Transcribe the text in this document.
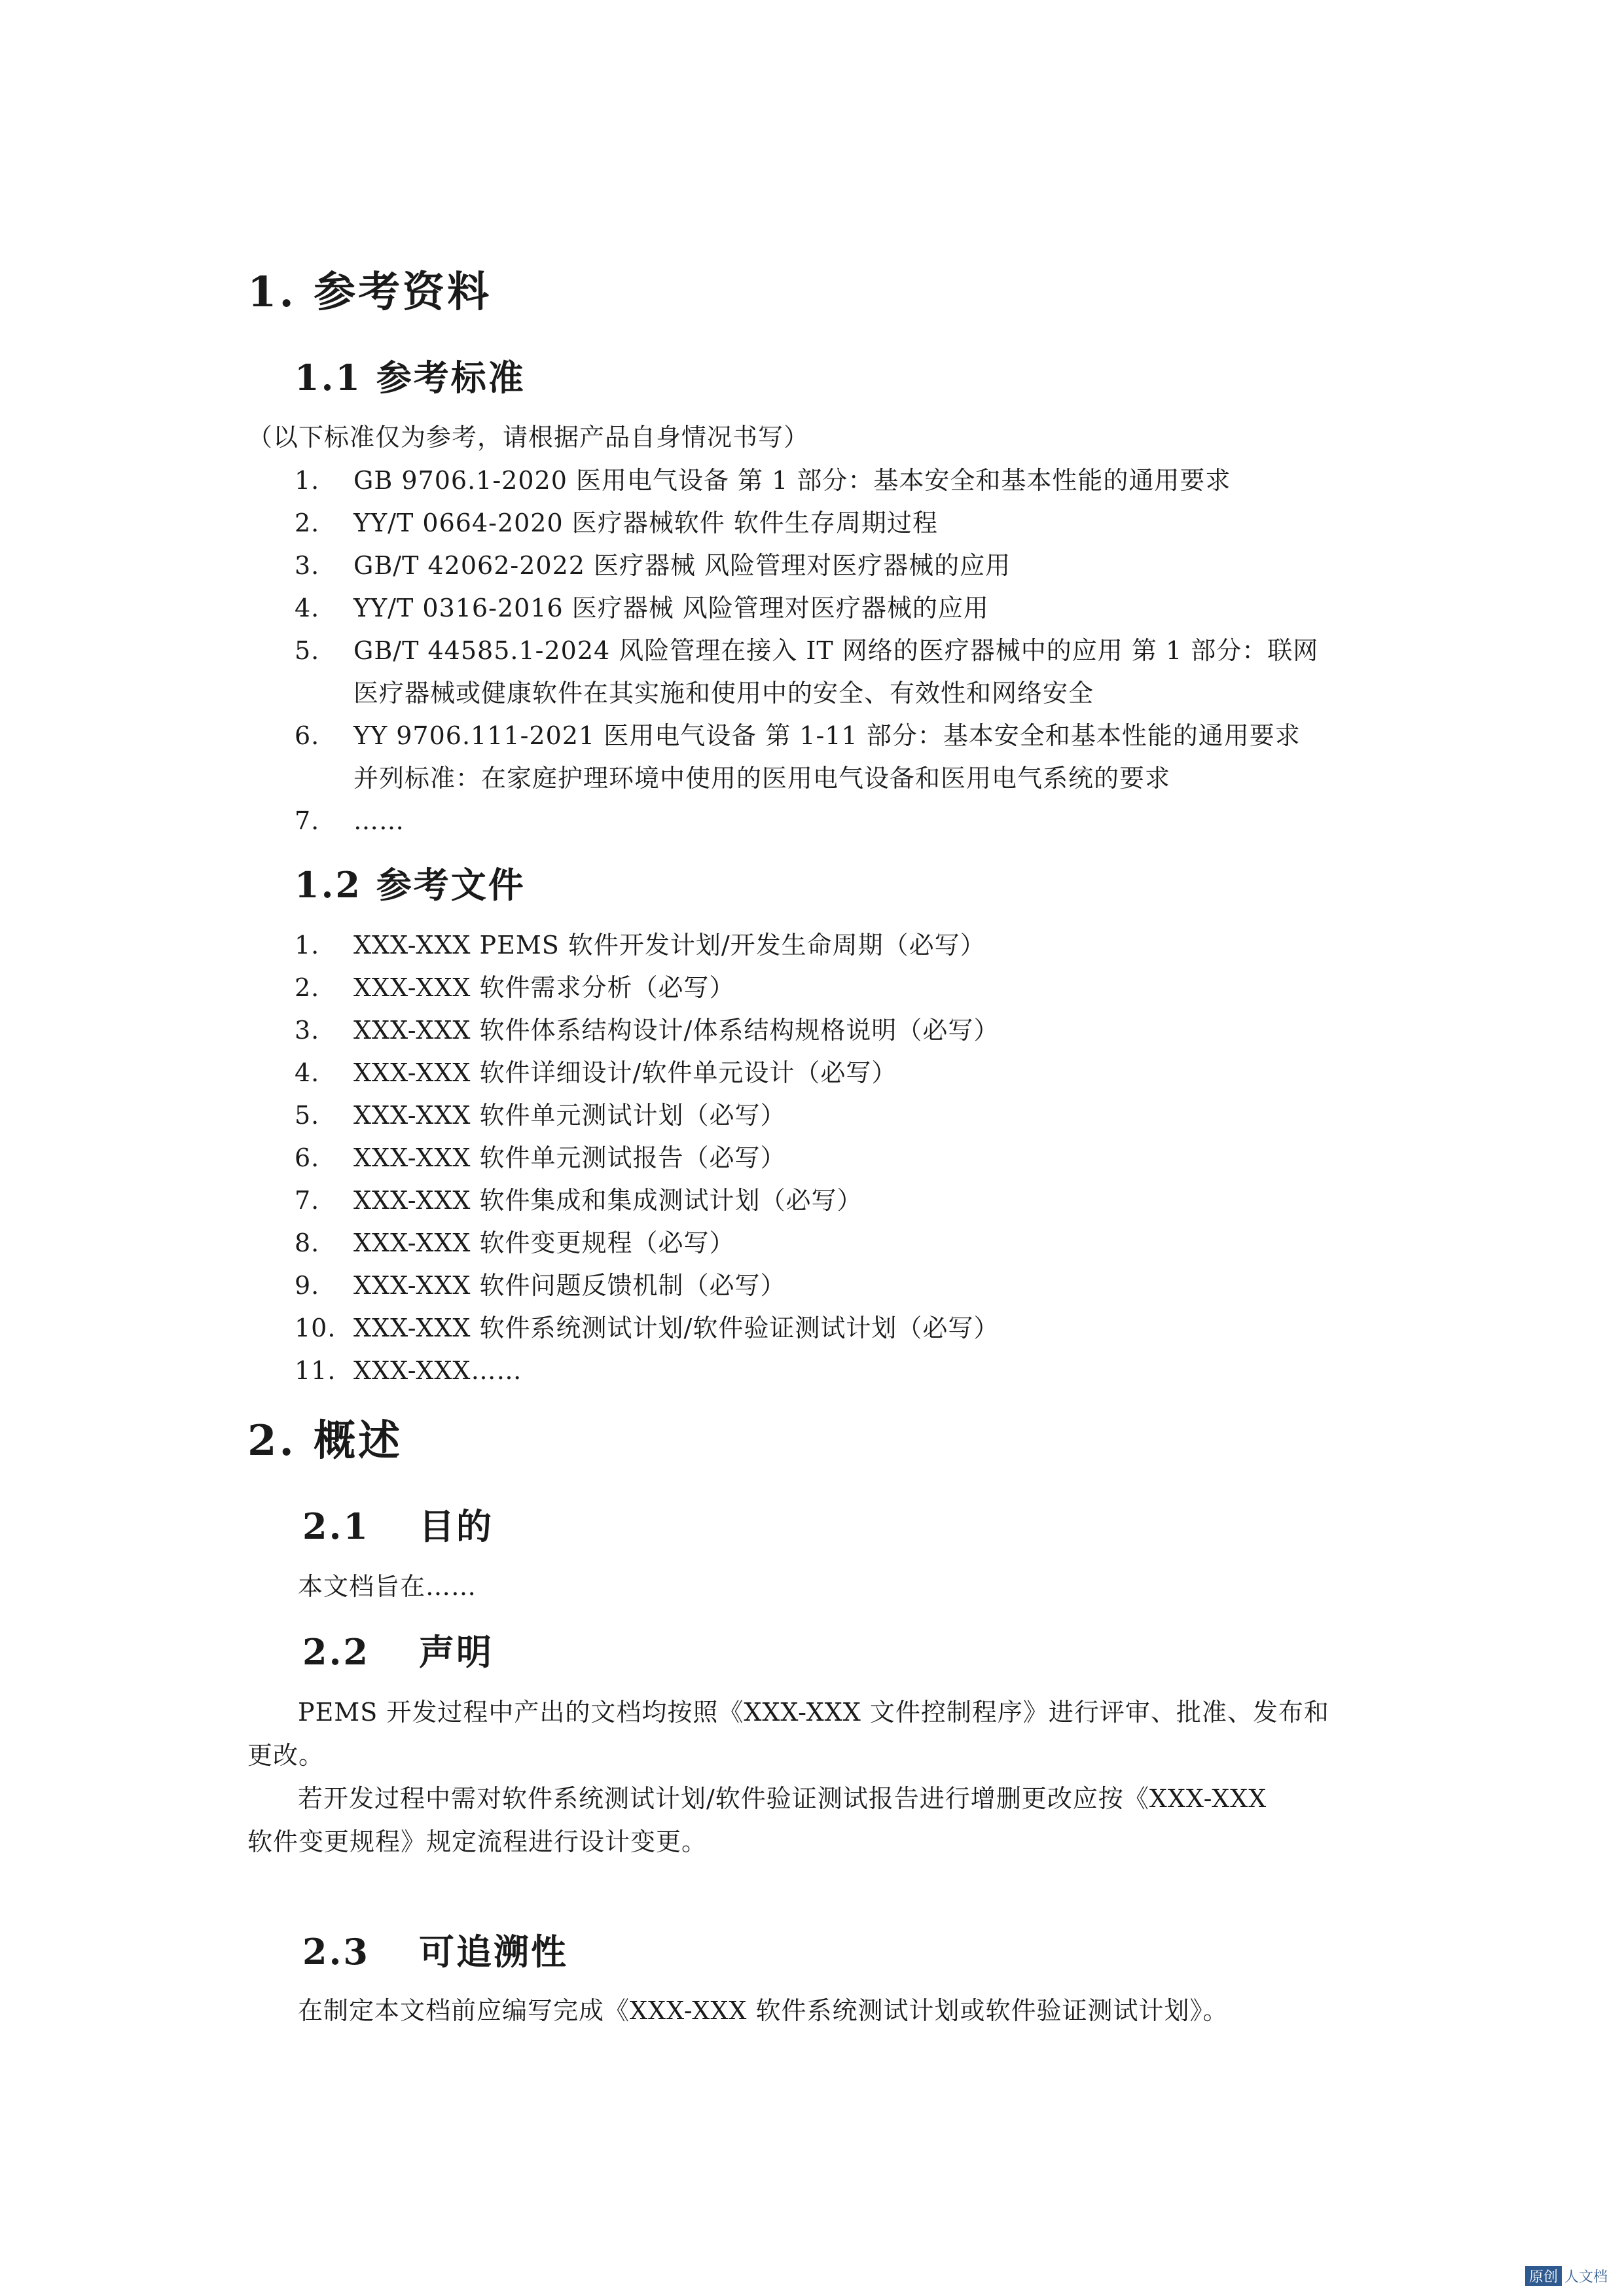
1. 参考资料
1.1 参考标准
（以下标准仅为参考，请根据产品自身情况书写）
1. GB 9706.1-2020 医用电气设备 第 1 部分：基本安全和基本性能的通用要求
2. YY/T 0664-2020 医疗器械软件 软件生存周期过程
3. GB/T 42062-2022 医疗器械 风险管理对医疗器械的应用
4. YY/T 0316-2016 医疗器械 风险管理对医疗器械的应用
5. GB/T 44585.1-2024 风险管理在接入 IT 网络的医疗器械中的应用 第 1 部分：联网
医疗器械或健康软件在其实施和使用中的安全、有效性和网络安全
6. YY 9706.111-2021 医用电气设备 第 1-11 部分：基本安全和基本性能的通用要求
并列标准：在家庭护理环境中使用的医用电气设备和医用电气系统的要求
7. ……
1.2 参考文件
1. XXX-XXX PEMS 软件开发计划/开发生命周期（必写）
2. XXX-XXX 软件需求分析（必写）
3. XXX-XXX 软件体系结构设计/体系结构规格说明（必写）
4. XXX-XXX 软件详细设计/软件单元设计（必写）
5. XXX-XXX 软件单元测试计划（必写）
6. XXX-XXX 软件单元测试报告（必写）
7. XXX-XXX 软件集成和集成测试计划（必写）
8. XXX-XXX 软件变更规程（必写）
9. XXX-XXX 软件问题反馈机制（必写）
10. XXX-XXX 软件系统测试计划/软件验证测试计划（必写）
11. XXX-XXX……
2. 概述
2.1 目的
本文档旨在……
2.2 声明
PEMS 开发过程中产出的文档均按照《XXX-XXX 文件控制程序》进行评审、批准、发布和
更改。
若开发过程中需对软件系统测试计划/软件验证测试报告进行增删更改应按《XXX-XXX
软件变更规程》规定流程进行设计变更。
2.3 可追溯性
在制定本文档前应编写完成《XXX-XXX 软件系统测试计划或软件验证测试计划》。
原创 人文档
